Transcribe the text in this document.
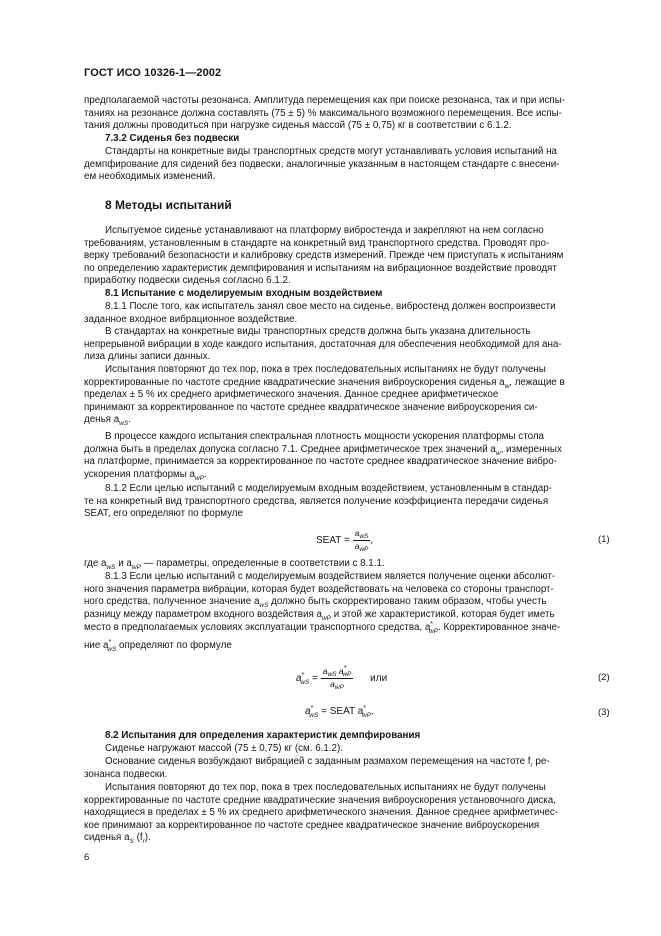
ГОСТ ИСО 10326-1—2002
предполагаемой частоты резонанса. Амплитуда перемещения как при поиске резонанса, так и при испы-
таниях на резонансе должна составлять (75 ± 5) % максимального возможного перемещения. Все испы-
тания должны проводиться при нагрузке сиденья массой (75 ± 0,75) кг в соответствии с 6.1.2.
7.3.2 Сиденья без подвески
Стандарты на конкретные виды транспортных средств могут устанавливать условия испытаний на
демпфирование для сидений без подвески, аналогичные указанным в настоящем стандарте с внесени-
ем необходимых изменений.
8 Методы испытаний
Испытуемое сиденье устанавливают на платформу вибростенда и закрепляют на нем согласно
требованиям, установленным в стандарте на конкретный вид транспортного средства. Проводят про-
верку требований безопасности и калибровку средств измерений. Прежде чем приступать к испытаниям
по определению характеристик демпфирования и испытаниям на вибрационное воздействие проводят
приработку подвески сиденья согласно 6.1.2.
8.1 Испытание с моделируемым входным воздействием
8.1.1 После того, как испытатель занял свое место на сиденье, вибростенд должен воспроизвести
заданное входное вибрационное воздействие.
В стандартах на конкретные виды транспортных средств должна быть указана длительность
непрерывной вибрации в ходе каждого испытания, достаточная для обеспечения необходимой для ана-
лиза длины записи данных.
Испытания повторяют до тех пор, пока в трех последовательных испытаниях не будут получены
корректированные по частоте средние квадратические значения виброускорения сиденья $a_w$, лежащие в
пределах ± 5 % их среднего арифметического значения. Данное среднее арифметическое
принимают за корректированное по частоте среднее квадратическое значение виброускорения си-
денья $a_{wS}$.
В процессе каждого испытания спектральная плотность мощности ускорения платформы стола
должна быть в пределах допуска согласно 7.1. Среднее арифметическое трех значений $a_w$, измеренных
на платформе, принимается за корректированное по частоте среднее квадратическое значение вибро-
ускорения платформы $a_{wP}$.
8.1.2 Если целью испытаний с моделируемым входным воздействием, установленным в стандар-
те на конкретный вид транспортного средства, является получение коэффициента передачи сиденья
SEAT, его определяют по формуле
SEAT = $\frac{a_{wS}}{a_{wP}}$ ,	(1)
где $a_{wS}$ и $a_{wP}$ — параметры, определенные в соответствии с 8.1.1.
8.1.3 Если целью испытаний с моделируемым воздействием является получение оценки абсолют-
ного значения параметра вибрации, которая будет воздействовать на человека со стороны транспорт-
ного средства, полученное значение $a_{wS}$ должно быть скорректировано таким образом, чтобы учесть
разницу между параметром входного воздействия $a_{wP}$ и этой же характеристикой, которая будет иметь
место в предполагаемых условиях эксплуатации транспортного средства, $a^*_{wP}$. Корректированное значе-
ние $a^*_{wS}$ определяют по формуле
$a^*_{wS} = \frac{a_{wS} a^*_{wP}}{a_{wP}}$ или	(2)
$a^*_{wS}$ = SEAT $a^*_{wP}$.	(3)
8.2 Испытания для определения характеристик демпфирования
Сиденье нагружают массой (75 ± 0,75) кг (см. 6.1.2).
Основание сиденья возбуждают вибрацией с заданным размахом перемещения на частоте $f_r$ ре-
зонанса подвески.
Испытания повторяют до тех пор, пока в трех последовательных испытаниях не будут получены
корректированные по частоте средние квадратические значения виброускорения установочного диска,
находящиеся в пределах ± 5 % их среднего арифметического значения. Данное среднее арифметичес-
кое принимают за корректированное по частоте среднее квадратическое значение виброускорения
сиденья $a_S$ $(f_r)$.
6
